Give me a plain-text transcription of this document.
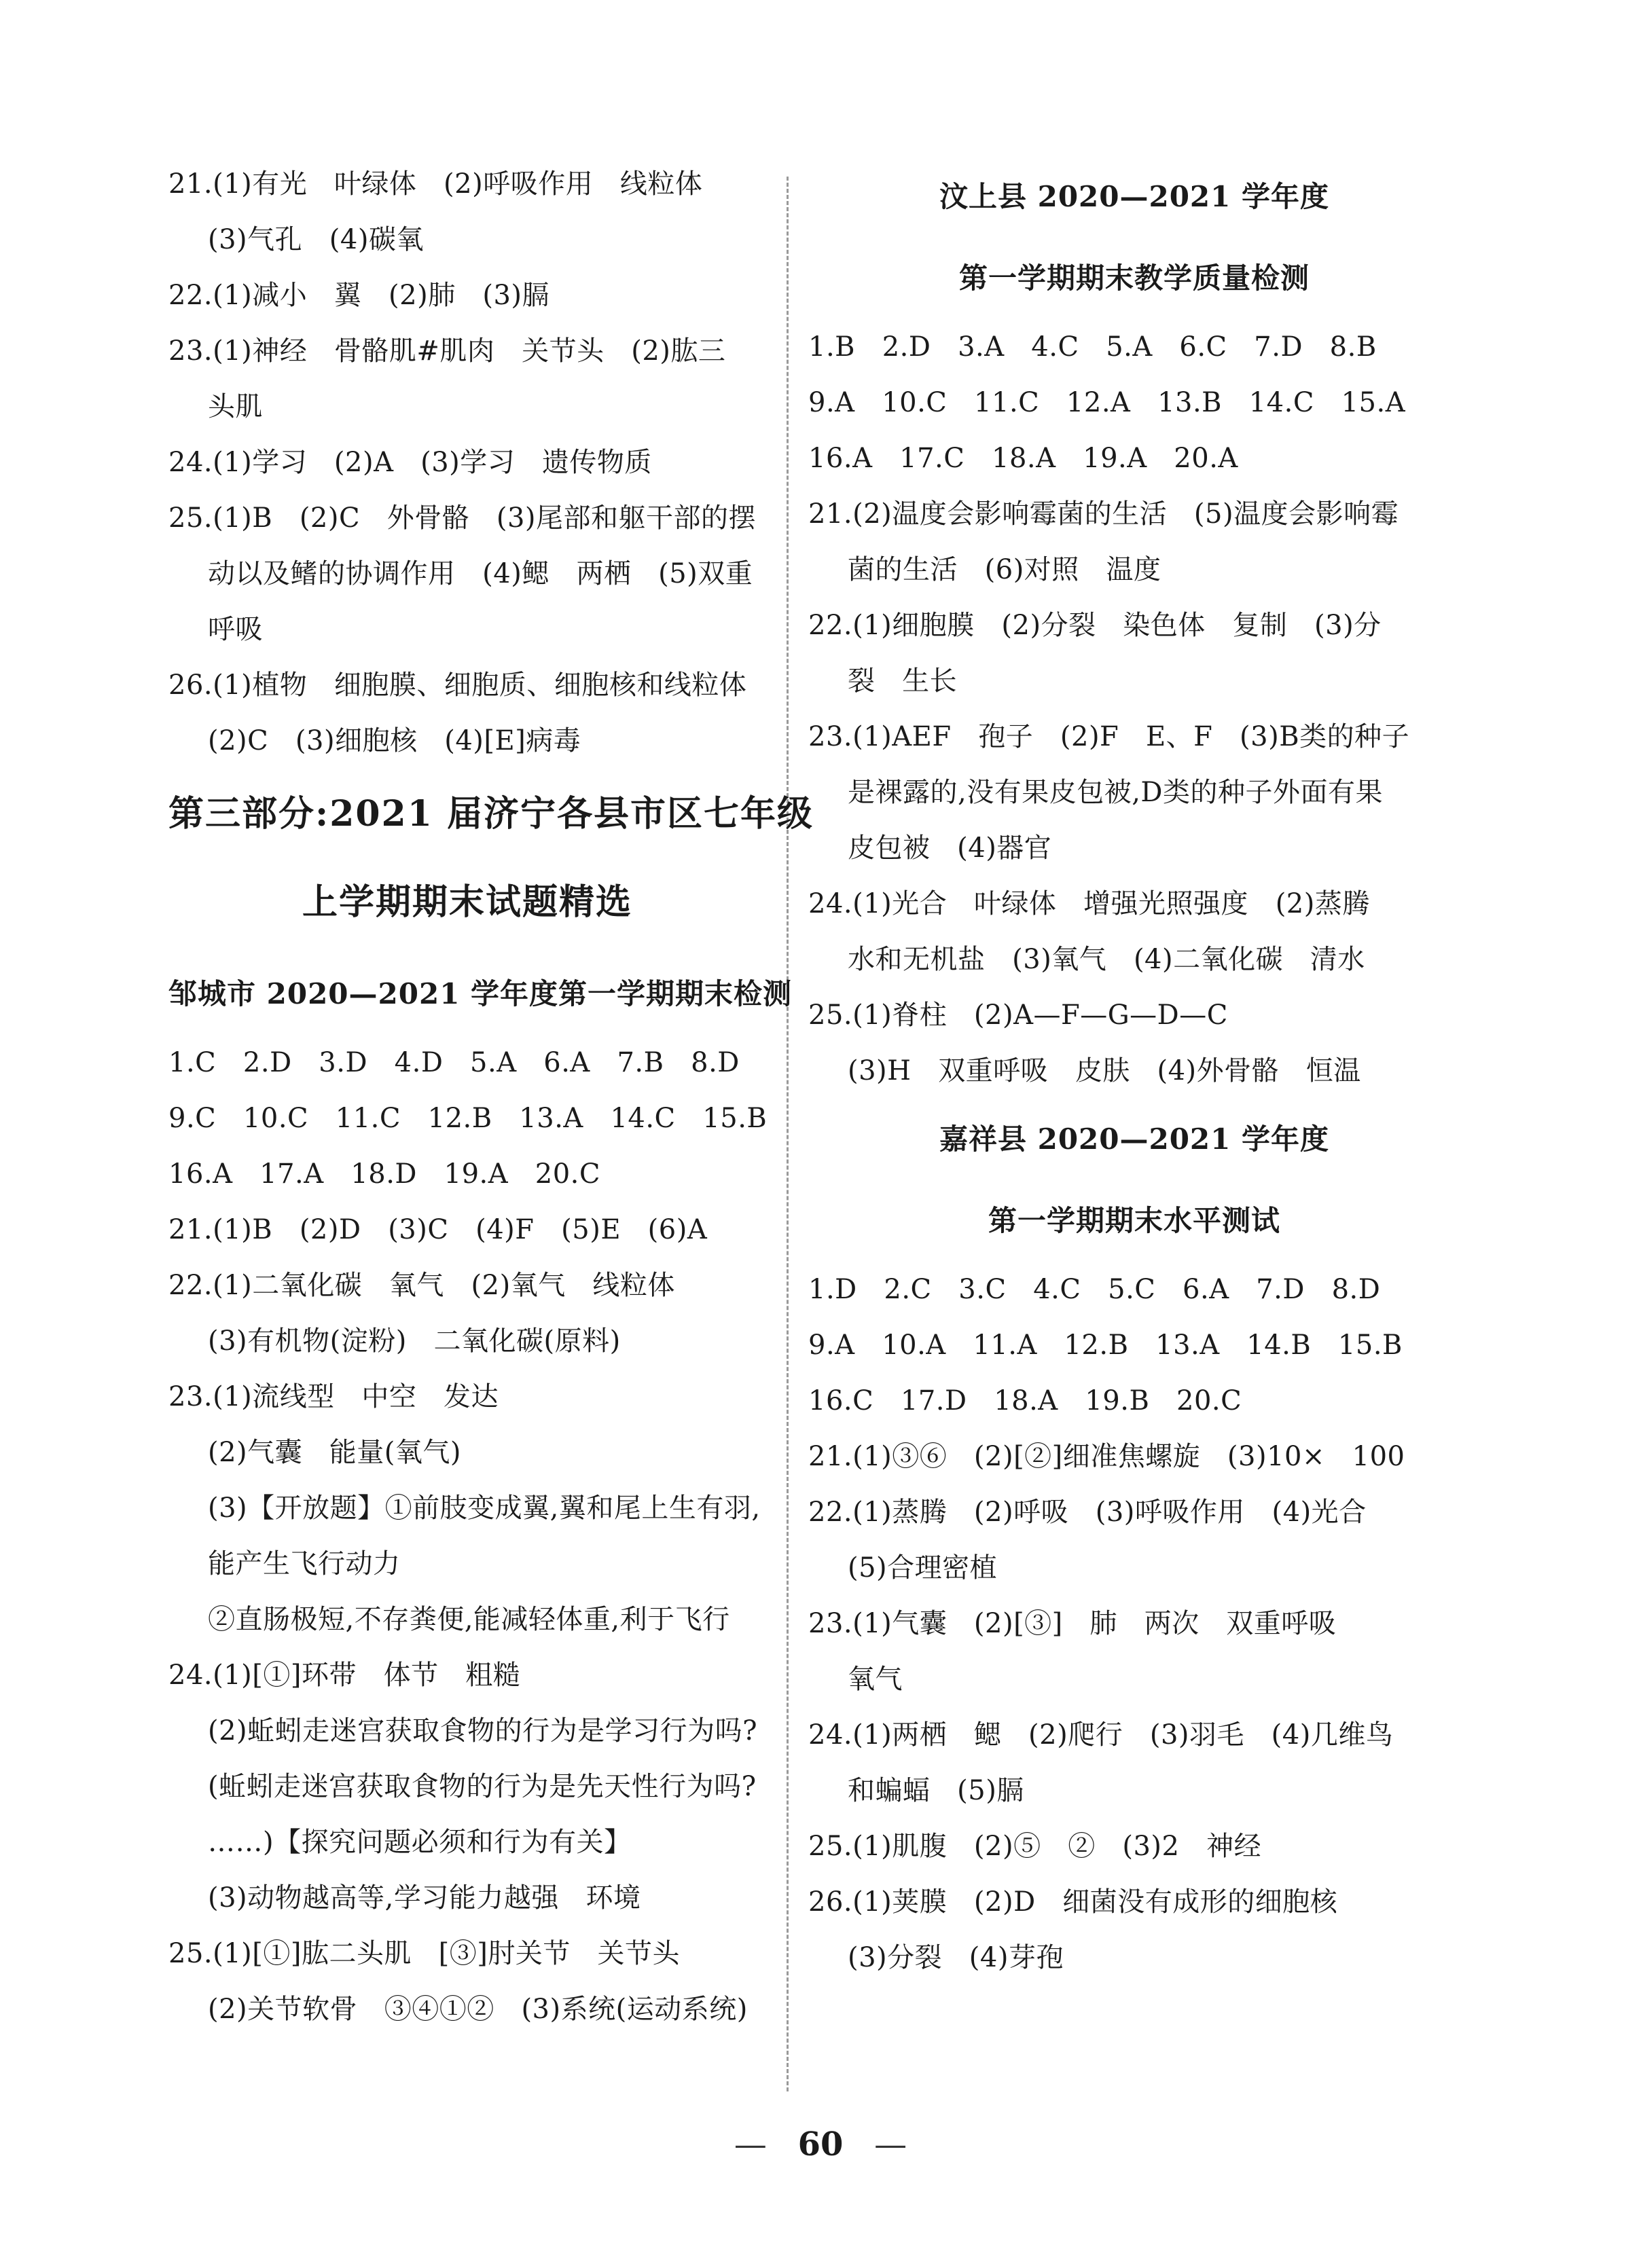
21.(1)有光   叶绿体   (2)呼吸作用   线粒体
(3)气孔   (4)碳氧
22.(1)减小   翼   (2)肺   (3)膈
23.(1)神经   骨骼肌#肌肉   关节头   (2)肱三
头肌
24.(1)学习   (2)A   (3)学习   遗传物质
25.(1)B   (2)C   外骨骼   (3)尾部和躯干部的摆
动以及鳍的协调作用   (4)鳃   两栖   (5)双重
呼吸
26.(1)植物   细胞膜、细胞质、细胞核和线粒体
(2)C   (3)细胞核   (4)[E]病毒
第三部分:2021 届济宁各县市区七年级
上学期期末试题精选
邹城市 2020—2021 学年度第一学期期末检测
1.C   2.D   3.D   4.D   5.A   6.A   7.B   8.D
9.C   10.C   11.C   12.B   13.A   14.C   15.B
16.A   17.A   18.D   19.A   20.C
21.(1)B   (2)D   (3)C   (4)F   (5)E   (6)A
22.(1)二氧化碳   氧气   (2)氧气   线粒体
(3)有机物(淀粉)   二氧化碳(原料)
23.(1)流线型   中空   发达
(2)气囊   能量(氧气)
(3)【开放题】①前肢变成翼,翼和尾上生有羽,
能产生飞行动力
②直肠极短,不存粪便,能减轻体重,利于飞行
24.(1)[①]环带   体节   粗糙
(2)蚯蚓走迷宫获取食物的行为是学习行为吗?
(蚯蚓走迷宫获取食物的行为是先天性行为吗?
……)【探究问题必须和行为有关】
(3)动物越高等,学习能力越强   环境
25.(1)[①]肱二头肌   [③]肘关节   关节头
(2)关节软骨   ③④①②   (3)系统(运动系统)
汶上县 2020—2021 学年度
第一学期期末教学质量检测
1.B   2.D   3.A   4.C   5.A   6.C   7.D   8.B
9.A   10.C   11.C   12.A   13.B   14.C   15.A
16.A   17.C   18.A   19.A   20.A
21.(2)温度会影响霉菌的生活   (5)温度会影响霉
菌的生活   (6)对照   温度
22.(1)细胞膜   (2)分裂   染色体   复制   (3)分
裂   生长
23.(1)AEF   孢子   (2)F   E、F   (3)B类的种子
是裸露的,没有果皮包被,D类的种子外面有果
皮包被   (4)器官
24.(1)光合   叶绿体   增强光照强度   (2)蒸腾
水和无机盐   (3)氧气   (4)二氧化碳   清水
25.(1)脊柱   (2)A—F—G—D—C
(3)H   双重呼吸   皮肤   (4)外骨骼   恒温
嘉祥县 2020—2021 学年度
第一学期期末水平测试
1.D   2.C   3.C   4.C   5.C   6.A   7.D   8.D
9.A   10.A   11.A   12.B   13.A   14.B   15.B
16.C   17.D   18.A   19.B   20.C
21.(1)③⑥   (2)[②]细准焦螺旋   (3)10×   100
22.(1)蒸腾   (2)呼吸   (3)呼吸作用   (4)光合
(5)合理密植
23.(1)气囊   (2)[③]   肺   两次   双重呼吸
氧气
24.(1)两栖   鳃   (2)爬行   (3)羽毛   (4)几维鸟
和蝙蝠   (5)膈
25.(1)肌腹   (2)⑤   ②   (3)2   神经
26.(1)荚膜   (2)D   细菌没有成形的细胞核
(3)分裂   (4)芽孢
—   60   —
